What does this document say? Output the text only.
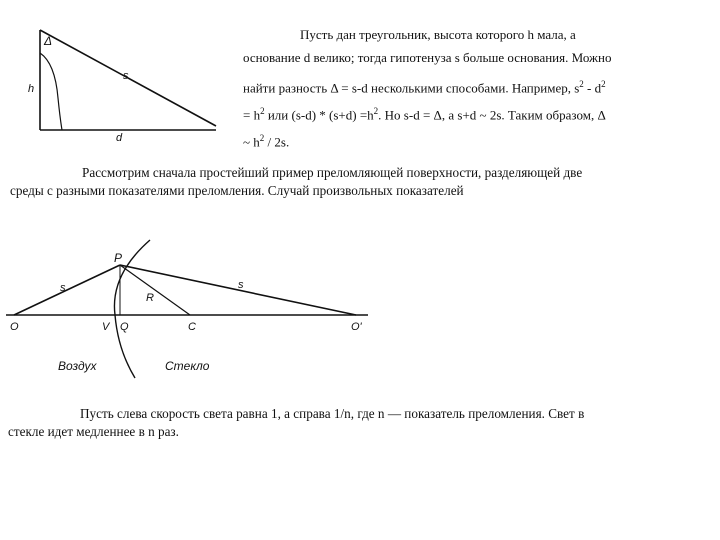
Δ
h
s
d
Пусть дан треугольник, высота которого h мала, а
основание d велико; тогда гипотенуза s больше основания. Можно
найти разность Δ = s-d несколькими способами. Например, $s^2 - d^2$
= $h^2$ или $(s-d) * (s+d) =h^2$. Но s-d = Δ, а s+d ~ 2s. Таким образом, Δ
~ $h^2 / 2s$.
Рассмотрим сначала простейший пример преломляющей поверхности, разделяющей две
среды с разными показателями преломления. Случай произвольных показателей
P
s	s
R
O	V Q	C	O'
Воздух	Стекло
Пусть слева скорость света равна 1, а справа 1/n, где n — показатель преломления. Свет в
стекле идет медленнее в n раз.
